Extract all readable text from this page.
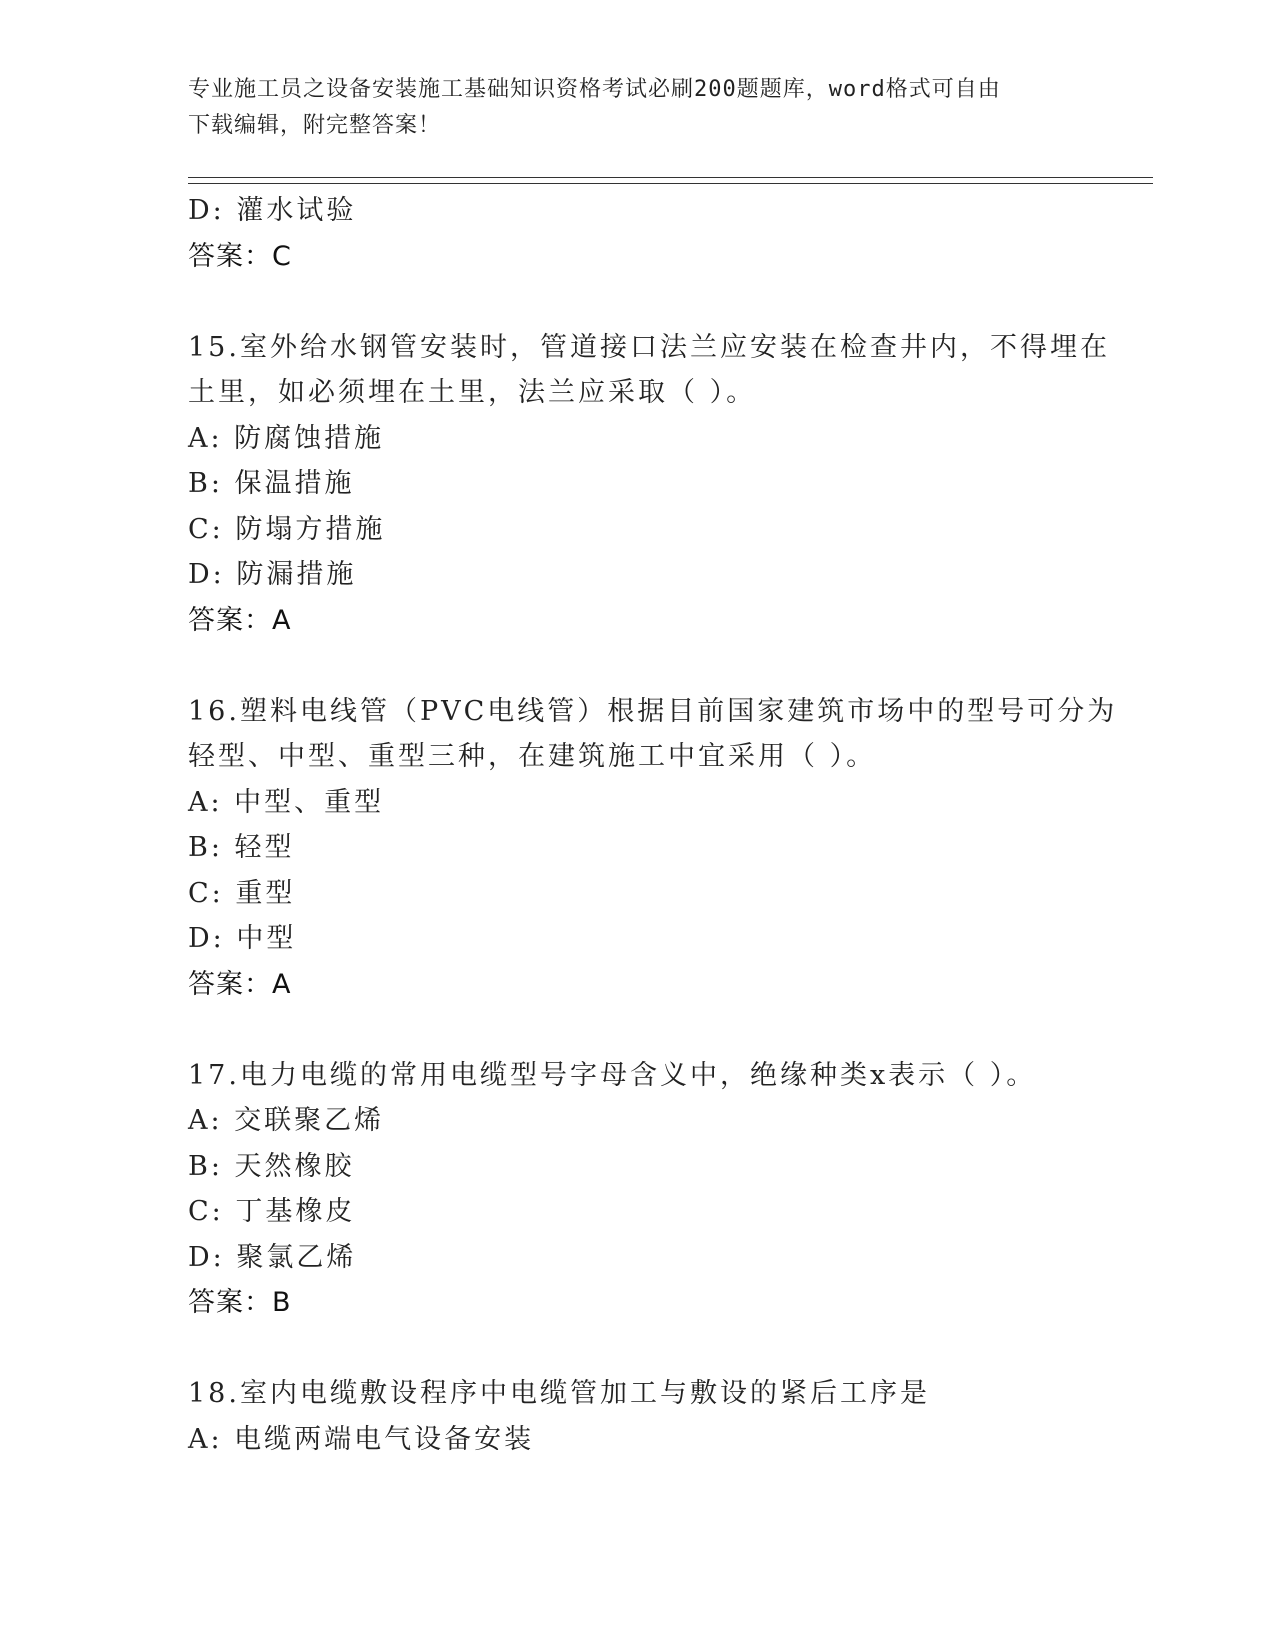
专业施工员之设备安装施工基础知识资格考试必刷200题题库，word格式可自由
下载编辑，附完整答案！
D: 灌水试验
答案：C
15.室外给水钢管安装时，管道接口法兰应安装在检查井内，不得埋在
土里，如必须埋在土里，法兰应采取（ ）。
A: 防腐蚀措施
B: 保温措施
C: 防塌方措施
D: 防漏措施
答案：A
16.塑料电线管（PVC电线管）根据目前国家建筑市场中的型号可分为
轻型、中型、重型三种，在建筑施工中宜采用（ ）。
A: 中型、重型
B: 轻型
C: 重型
D: 中型
答案：A
17.电力电缆的常用电缆型号字母含义中，绝缘种类x表示（ ）。
A: 交联聚乙烯
B: 天然橡胶
C: 丁基橡皮
D: 聚氯乙烯
答案：B
18.室内电缆敷设程序中电缆管加工与敷设的紧后工序是
A: 电缆两端电气设备安装
